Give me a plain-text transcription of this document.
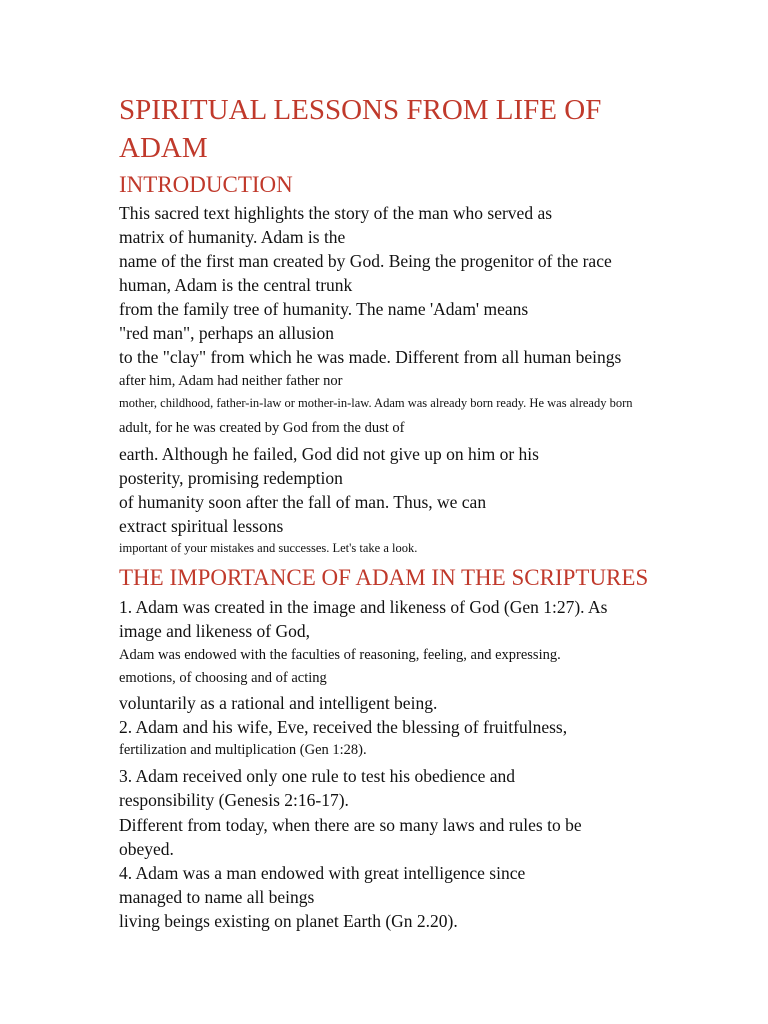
SPIRITUAL LESSONS FROM LIFE OF
ADAM
INTRODUCTION
This sacred text highlights the story of the man who served as
matrix of humanity. Adam is the
name of the first man created by God. Being the progenitor of the race
human, Adam is the central trunk
from the family tree of humanity. The name 'Adam' means
"red man", perhaps an allusion
to the "clay" from which he was made. Different from all human beings
after him, Adam had neither father nor
mother, childhood, father-in-law or mother-in-law. Adam was already born ready. He was already born
adult, for he was created by God from the dust of
earth. Although he failed, God did not give up on him or his
posterity, promising redemption
of humanity soon after the fall of man. Thus, we can
extract spiritual lessons
important of your mistakes and successes. Let's take a look.
THE IMPORTANCE OF ADAM IN THE SCRIPTURES
1. Adam was created in the image and likeness of God (Gen 1:27). As
image and likeness of God,
Adam was endowed with the faculties of reasoning, feeling, and expressing.
emotions, of choosing and of acting
voluntarily as a rational and intelligent being.
2. Adam and his wife, Eve, received the blessing of fruitfulness,
fertilization and multiplication (Gen 1:28).
3. Adam received only one rule to test his obedience and
responsibility (Genesis 2:16-17).
Different from today, when there are so many laws and rules to be
obeyed.
4. Adam was a man endowed with great intelligence since
managed to name all beings
living beings existing on planet Earth (Gn 2.20).
